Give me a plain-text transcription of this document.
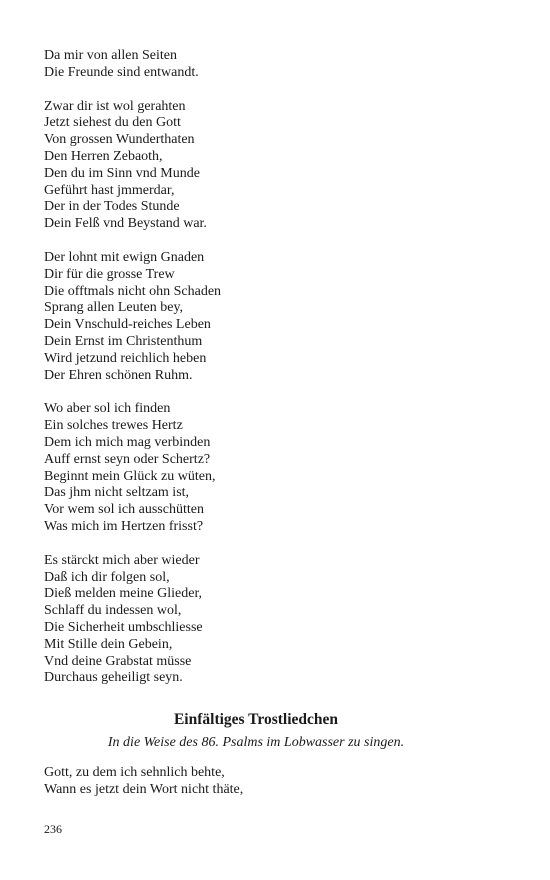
Da mir von allen Seiten
Die Freunde sind entwandt.
Zwar dir ist wol gerahten
Jetzt siehest du den Gott
Von grossen Wunderthaten
Den Herren Zebaoth,
Den du im Sinn vnd Munde
Geführt hast jmmerdar,
Der in der Todes Stunde
Dein Felß vnd Beystand war.
Der lohnt mit ewign Gnaden
Dir für die grosse Trew
Die offtmals nicht ohn Schaden
Sprang allen Leuten bey,
Dein Vnschuld-reiches Leben
Dein Ernst im Christenthum
Wird jetzund reichlich heben
Der Ehren schönen Ruhm.
Wo aber sol ich finden
Ein solches trewes Hertz
Dem ich mich mag verbinden
Auff ernst seyn oder Schertz?
Beginnt mein Glück zu wüten,
Das jhm nicht seltzam ist,
Vor wem sol ich ausschütten
Was mich im Hertzen frisst?
Es stärckt mich aber wieder
Daß ich dir folgen sol,
Dieß melden meine Glieder,
Schlaff du indessen wol,
Die Sicherheit umbschliesse
Mit Stille dein Gebein,
Vnd deine Grabstat müsse
Durchaus geheiligt seyn.
Einfältiges Trostliedchen
In die Weise des 86. Psalms im Lobwasser zu singen.
Gott, zu dem ich sehnlich behte,
Wann es jetzt dein Wort nicht thäte,
236
